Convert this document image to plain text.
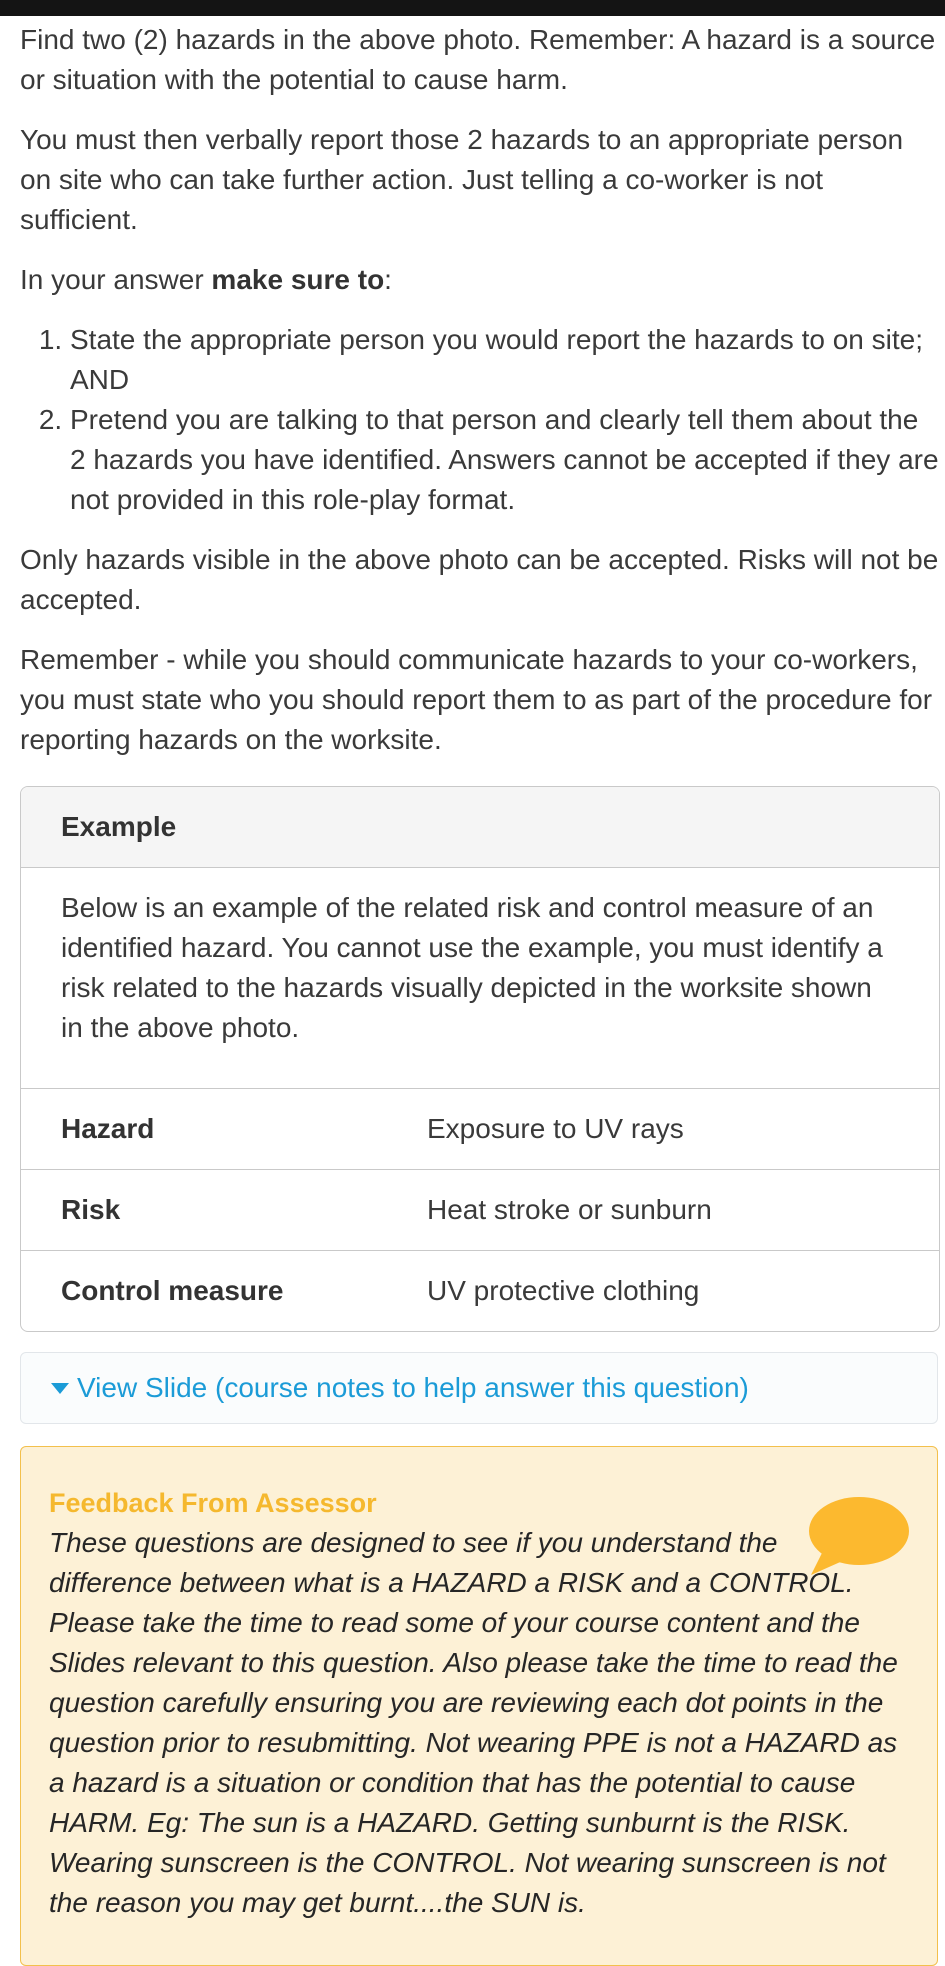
Find two (2) hazards in the above photo. Remember: A hazard is a source or situation with the potential to cause harm.

You must then verbally report those 2 hazards to an appropriate person on site who can take further action. Just telling a co-worker is not sufficient.

In your answer make sure to:

1. State the appropriate person you would report the hazards to on site; AND
2. Pretend you are talking to that person and clearly tell them about the 2 hazards you have identified. Answers cannot be accepted if they are not provided in this role-play format.

Only hazards visible in the above photo can be accepted. Risks will not be accepted.

Remember - while you should communicate hazards to your co-workers, you must state who you should report them to as part of the procedure for reporting hazards on the worksite.

Example

Below is an example of the related risk and control measure of an identified hazard. You cannot use the example, you must identify a risk related to the hazards visually depicted in the worksite shown in the above photo.

Hazard	Exposure to UV rays
Risk	Heat stroke or sunburn
Control measure	UV protective clothing
View Slide (course notes to help answer this question)
Feedback From Assessor
These questions are designed to see if you understand the difference between what is a HAZARD a RISK and a CONTROL. Please take the time to read some of your course content and the Slides relevant to this question. Also please take the time to read the question carefully ensuring you are reviewing each dot points in the question prior to resubmitting. Not wearing PPE is not a HAZARD as a hazard is a situation or condition that has the potential to cause HARM. Eg: The sun is a HAZARD. Getting sunburnt is the RISK. Wearing sunscreen is the CONTROL. Not wearing sunscreen is not the reason you may get burnt....the SUN is.
